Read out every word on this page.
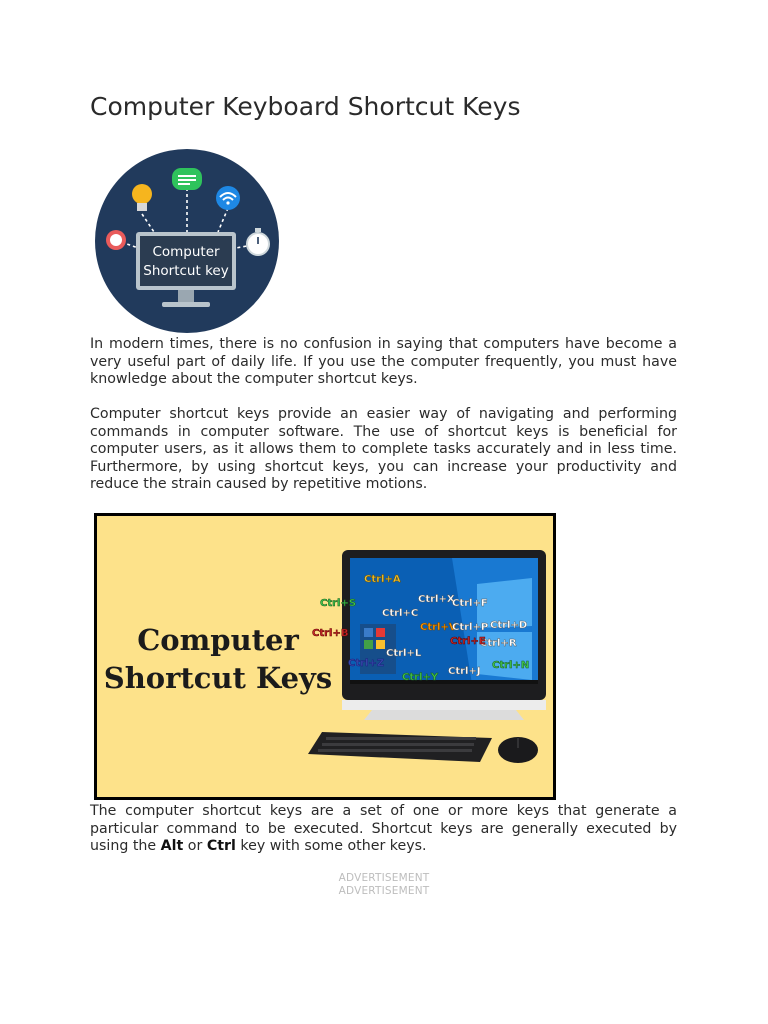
Computer Keyboard Shortcut Keys
Computer
Shortcut key

In modern times, there is no confusion in saying that computers have become a very useful part of daily life. If you use the computer frequently, you must have knowledge about the computer shortcut keys.

Computer shortcut keys provide an easier way of navigating and performing commands in computer software. The use of shortcut keys is beneficial for computer users, as it allows them to complete tasks accurately and in less time. Furthermore, by using shortcut keys, you can increase your productivity and reduce the strain caused by repetitive motions.

Computer
Shortcut Keys
Ctrl+A
Ctrl+S
Ctrl+C
Ctrl+B
Ctrl+X
Ctrl+V
Ctrl+P
Ctrl+L
Ctrl+Z
Ctrl+Y
Ctrl+J
Ctrl+N
Ctrl+R
Ctrl+E
Ctrl+D
Ctrl+F

The computer shortcut keys are a set of one or more keys that generate a particular command to be executed. Shortcut keys are generally executed by using the Alt or Ctrl key with some other keys.

ADVERTISEMENT
ADVERTISEMENT
